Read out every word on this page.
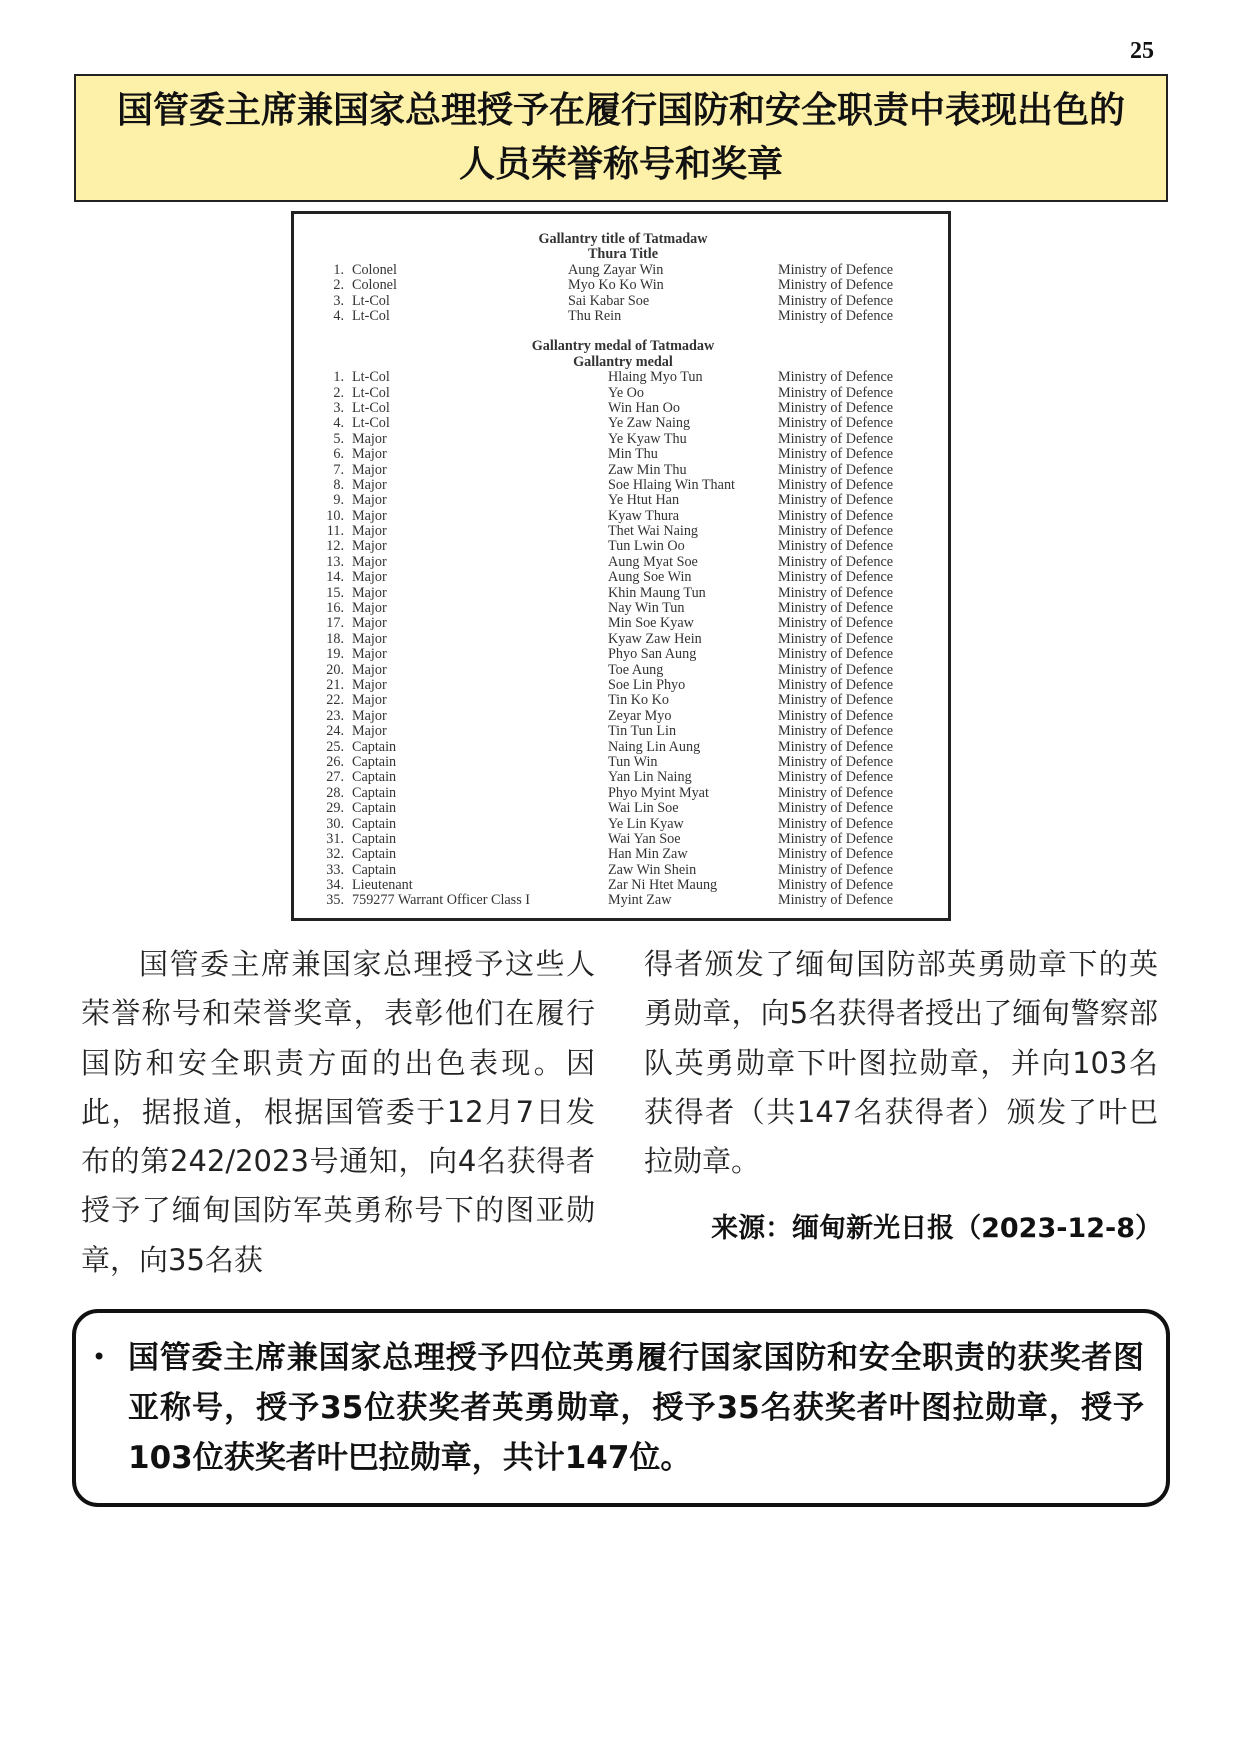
25
国管委主席兼国家总理授予在履行国防和安全职责中表现出色的
人员荣誉称号和奖章
Gallantry title of Tatmadaw
Thura Title
1. Colonel	Aung Zayar Win	Ministry of Defence
2. Colonel	Myo Ko Ko Win	Ministry of Defence
3. Lt-Col	Sai Kabar Soe	Ministry of Defence
4. Lt-Col	Thu Rein	Ministry of Defence
Gallantry medal of Tatmadaw
Gallantry medal
1. Lt-Col	Hlaing Myo Tun	Ministry of Defence
2. Lt-Col	Ye Oo	Ministry of Defence
3. Lt-Col	Win Han Oo	Ministry of Defence
4. Lt-Col	Ye Zaw Naing	Ministry of Defence
5. Major	Ye Kyaw Thu	Ministry of Defence
6. Major	Min Thu	Ministry of Defence
7. Major	Zaw Min Thu	Ministry of Defence
8. Major	Soe Hlaing Win Thant	Ministry of Defence
9. Major	Ye Htut Han	Ministry of Defence
10. Major	Kyaw Thura	Ministry of Defence
11. Major	Thet Wai Naing	Ministry of Defence
12. Major	Tun Lwin Oo	Ministry of Defence
13. Major	Aung Myat Soe	Ministry of Defence
14. Major	Aung Soe Win	Ministry of Defence
15. Major	Khin Maung Tun	Ministry of Defence
16. Major	Nay Win Tun	Ministry of Defence
17. Major	Min Soe Kyaw	Ministry of Defence
18. Major	Kyaw Zaw Hein	Ministry of Defence
19. Major	Phyo San Aung	Ministry of Defence
20. Major	Toe Aung	Ministry of Defence
21. Major	Soe Lin Phyo	Ministry of Defence
22. Major	Tin Ko Ko	Ministry of Defence
23. Major	Zeyar Myo	Ministry of Defence
24. Major	Tin Tun Lin	Ministry of Defence
25. Captain	Naing Lin Aung	Ministry of Defence
26. Captain	Tun Win	Ministry of Defence
27. Captain	Yan Lin Naing	Ministry of Defence
28. Captain	Phyo Myint Myat	Ministry of Defence
29. Captain	Wai Lin Soe	Ministry of Defence
30. Captain	Ye Lin Kyaw	Ministry of Defence
31. Captain	Wai Yan Soe	Ministry of Defence
32. Captain	Han Min Zaw	Ministry of Defence
33. Captain	Zaw Win Shein	Ministry of Defence
34. Lieutenant	Zar Ni Htet Maung	Ministry of Defence
35. 759277 Warrant Officer Class I	Myint Zaw	Ministry of Defence

国管委主席兼国家总理授予这些人荣誉称号和荣誉奖章，表彰他们在履行国防和安全职责方面的出色表现。因此，据报道，根据国管委于12月7日发布的第242/2023号通知，向4名获得者授予了缅甸国防军英勇称号下的图亚勋章，向35名获

得者颁发了缅甸国防部英勇勋章下的英勇勋章，向5名获得者授出了缅甸警察部队英勇勋章下叶图拉勋章，并向103名获得者（共147名获得者）颁发了叶巴拉勋章。

来源：缅甸新光日报（2023-12-8）
• 国管委主席兼国家总理授予四位英勇履行国家国防和安全职责的获奖者图亚称号，授予35位获奖者英勇勋章，授予35名获奖者叶图拉勋章，授予103位获奖者叶巴拉勋章，共计147位。
